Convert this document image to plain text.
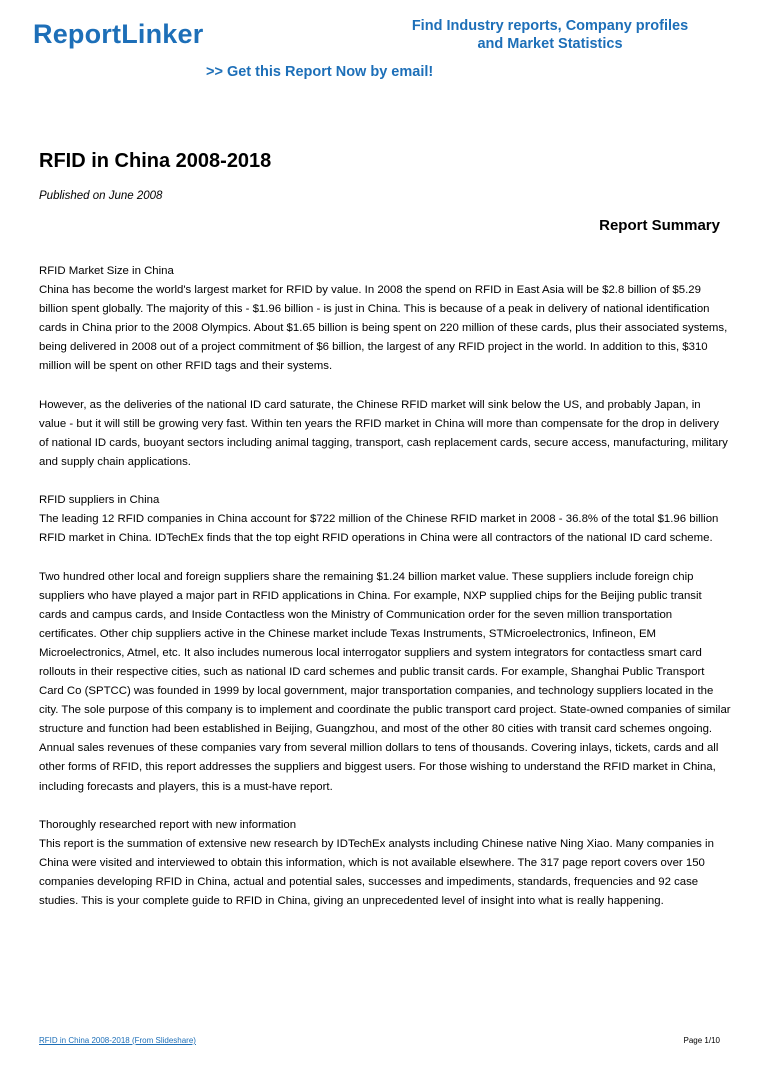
ReportLinker	Find Industry reports, Company profiles
and Market Statistics
>> Get this Report Now by email!
RFID in China 2008-2018
Published on June 2008
Report Summary

RFID Market Size in China
China has become the world's largest market for RFID by value. In 2008 the spend on RFID in East Asia will be $2.8 billion of $5.29 billion spent globally. The majority of this - $1.96 billion - is just in China. This is because of a peak in delivery of national identification cards in China prior to the 2008 Olympics. About $1.65 billion is being spent on 220 million of these cards, plus their associated systems, being delivered in 2008 out of a project commitment of $6 billion, the largest of any RFID project in the world. In addition to this, $310 million will be spent on other RFID tags and their systems.

However, as the deliveries of the national ID card saturate, the Chinese RFID market will sink below the US, and probably Japan, in value - but it will still be growing very fast. Within ten years the RFID market in China will more than compensate for the drop in delivery of national ID cards, buoyant sectors including animal tagging, transport, cash replacement cards, secure access, manufacturing, military and supply chain applications.

RFID suppliers in China
The leading 12 RFID companies in China account for $722 million of the Chinese RFID market in 2008 - 36.8% of the total $1.96 billion RFID market in China. IDTechEx finds that the top eight RFID operations in China were all contractors of the national ID card scheme.

Two hundred other local and foreign suppliers share the remaining $1.24 billion market value. These suppliers include foreign chip suppliers who have played a major part in RFID applications in China. For example, NXP supplied chips for the Beijing public transit cards and campus cards, and Inside Contactless won the Ministry of Communication order for the seven million transportation certificates. Other chip suppliers active in the Chinese market include Texas Instruments, STMicroelectronics, Infineon, EM Microelectronics, Atmel, etc. It also includes numerous local interrogator suppliers and system integrators for contactless smart card rollouts in their respective cities, such as national ID card schemes and public transit cards. For example, Shanghai Public Transport Card Co (SPTCC) was founded in 1999 by local government, major transportation companies, and technology suppliers located in the city. The sole purpose of this company is to implement and coordinate the public transport card project. State-owned companies of similar structure and function had been established in Beijing, Guangzhou, and most of the other 80 cities with transit card schemes ongoing. Annual sales revenues of these companies vary from several million dollars to tens of thousands. Covering inlays, tickets, cards and all other forms of RFID, this report addresses the suppliers and biggest users. For those wishing to understand the RFID market in China, including forecasts and players, this is a must-have report.

Thoroughly researched report with new information
This report is the summation of extensive new research by IDTechEx analysts including Chinese native Ning Xiao. Many companies in China were visited and interviewed to obtain this information, which is not available elsewhere. The 317 page report covers over 150 companies developing RFID in China, actual and potential sales, successes and impediments, standards, frequencies and 92 case studies. This is your complete guide to RFID in China, giving an unprecedented level of insight into what is really happening.

RFID in China 2008-2018 (From Slideshare)	Page 1/10
